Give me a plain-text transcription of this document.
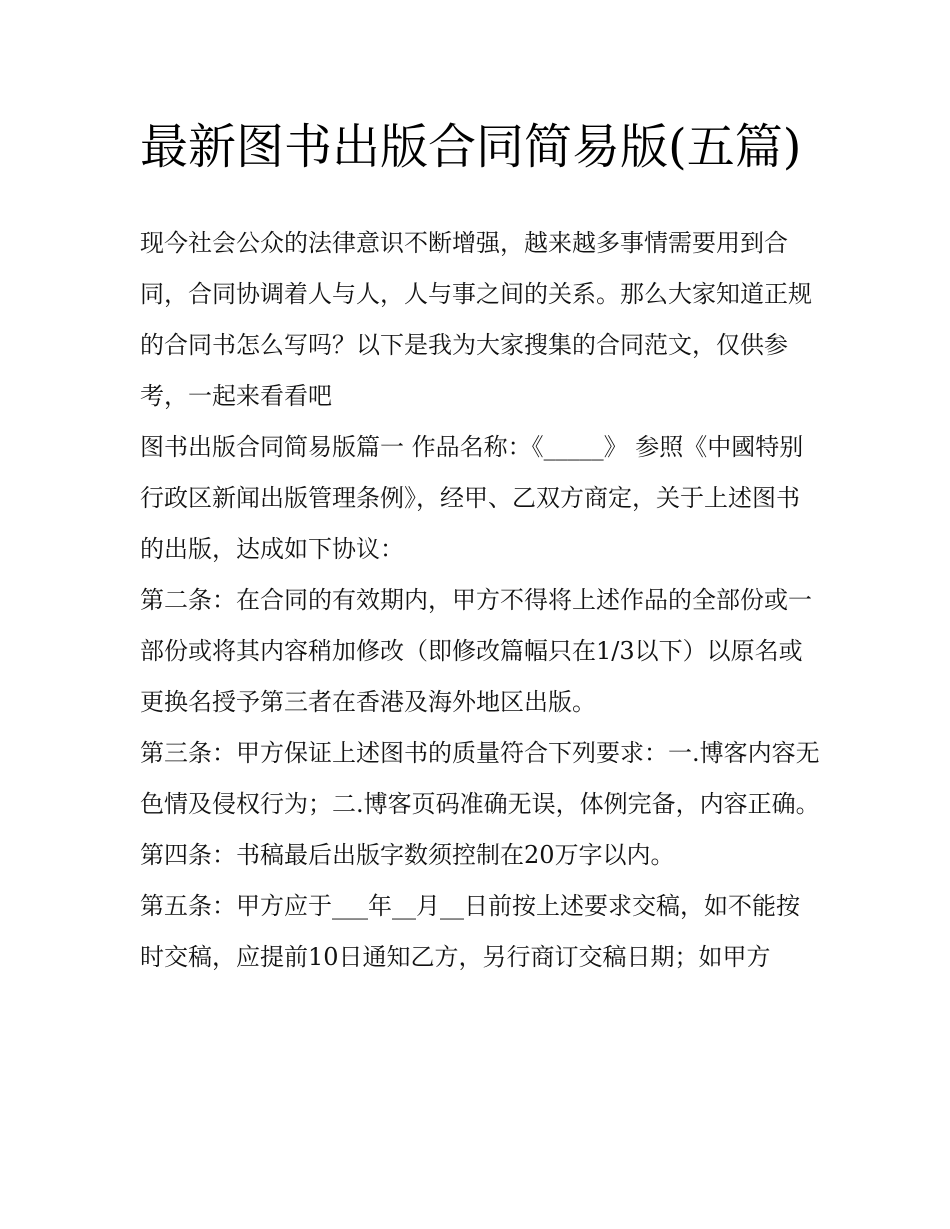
最新图书出版合同简易版(五篇)

现今社会公众的法律意识不断增强，越来越多事情需要用到合同，合同协调着人与人，人与事之间的关系。那么大家知道正规的合同书怎么写吗？以下是我为大家搜集的合同范文，仅供参考，一起来看看吧

图书出版合同简易版篇一 作品名称：《_____》 参照《中國特别行政区新闻出版管理条例》，经甲、乙双方商定，关于上述图书的出版，达成如下协议：

第二条：在合同的有效期内，甲方不得将上述作品的全部份或一部份或将其内容稍加修改（即修改篇幅只在1/3以下）以原名或更换名授予第三者在香港及海外地区出版。

第三条：甲方保证上述图书的质量符合下列要求：一.博客内容无色情及侵权行为；二.博客页码准确无误，体例完备，内容正确。

第四条：书稿最后出版字数须控制在20万字以内。

第五条：甲方应于___年__月__日前按上述要求交稿，如不能按时交稿，应提前10日通知乙方，另行商订交稿日期；如甲方
